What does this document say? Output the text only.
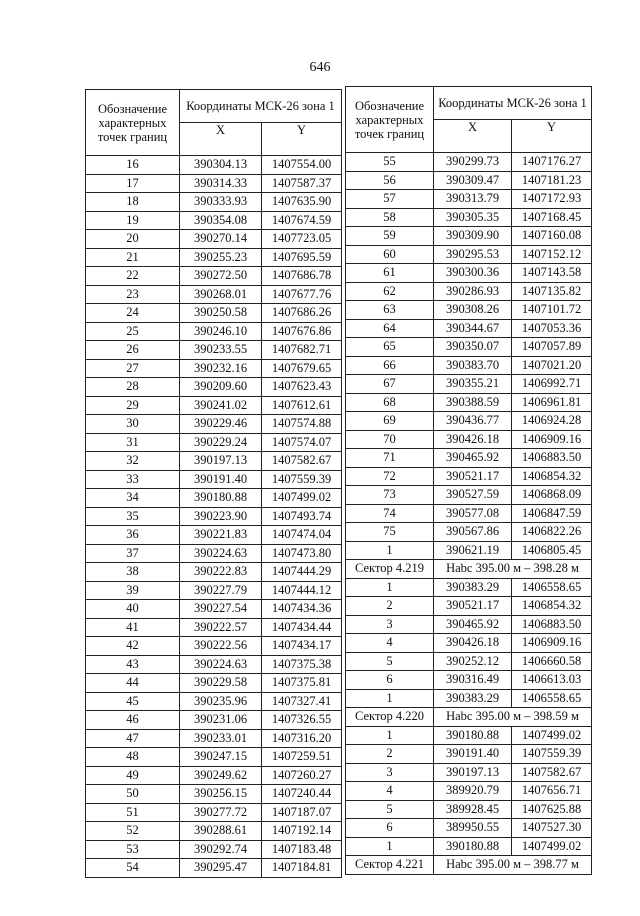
646
Обозначение характерных точек границ	Координаты МСК-26 зона 1	
	X	Y
16	390304.13	1407554.00
17	390314.33	1407587.37
18	390333.93	1407635.90
19	390354.08	1407674.59
20	390270.14	1407723.05
21	390255.23	1407695.59
22	390272.50	1407686.78
23	390268.01	1407677.76
24	390250.58	1407686.26
25	390246.10	1407676.86
26	390233.55	1407682.71
27	390232.16	1407679.65
28	390209.60	1407623.43
29	390241.02	1407612.61
30	390229.46	1407574.88
31	390229.24	1407574.07
32	390197.13	1407582.67
33	390191.40	1407559.39
34	390180.88	1407499.02
35	390223.90	1407493.74
36	390221.83	1407474.04
37	390224.63	1407473.80
38	390222.83	1407444.29
39	390227.79	1407444.12
40	390227.54	1407434.36
41	390222.57	1407434.44
42	390222.56	1407434.17
43	390224.63	1407375.38
44	390229.58	1407375.81
45	390235.96	1407327.41
46	390231.06	1407326.55
47	390233.01	1407316.20
48	390247.15	1407259.51
49	390249.62	1407260.27
50	390256.15	1407240.44
51	390277.72	1407187.07
52	390288.61	1407192.14
53	390292.74	1407183.48
54	390295.47	1407184.81
Обозначение характерных точек границ	Координаты МСК-26 зона 1	
	X	Y
55	390299.73	1407176.27
56	390309.47	1407181.23
57	390313.79	1407172.93
58	390305.35	1407168.45
59	390309.90	1407160.08
60	390295.53	1407152.12
61	390300.36	1407143.58
62	390286.93	1407135.82
63	390308.26	1407101.72
64	390344.67	1407053.36
65	390350.07	1407057.89
66	390383.70	1407021.20
67	390355.21	1406992.71
68	390388.59	1406961.81
69	390436.77	1406924.28
70	390426.18	1406909.16
71	390465.92	1406883.50
72	390521.17	1406854.32
73	390527.59	1406868.09
74	390577.08	1406847.59
75	390567.86	1406822.26
1	390621.19	1406805.45
Сектор 4.219	Нabc 395.00 м – 398.28 м	
1	390383.29	1406558.65
2	390521.17	1406854.32
3	390465.92	1406883.50
4	390426.18	1406909.16
5	390252.12	1406660.58
6	390316.49	1406613.03
1	390383.29	1406558.65
Сектор 4.220	Нabc 395.00 м – 398.59 м	
1	390180.88	1407499.02
2	390191.40	1407559.39
3	390197.13	1407582.67
4	389920.79	1407656.71
5	389928.45	1407625.88
6	389950.55	1407527.30
1	390180.88	1407499.02
Сектор 4.221	Нabc 395.00 м – 398.77 м	
